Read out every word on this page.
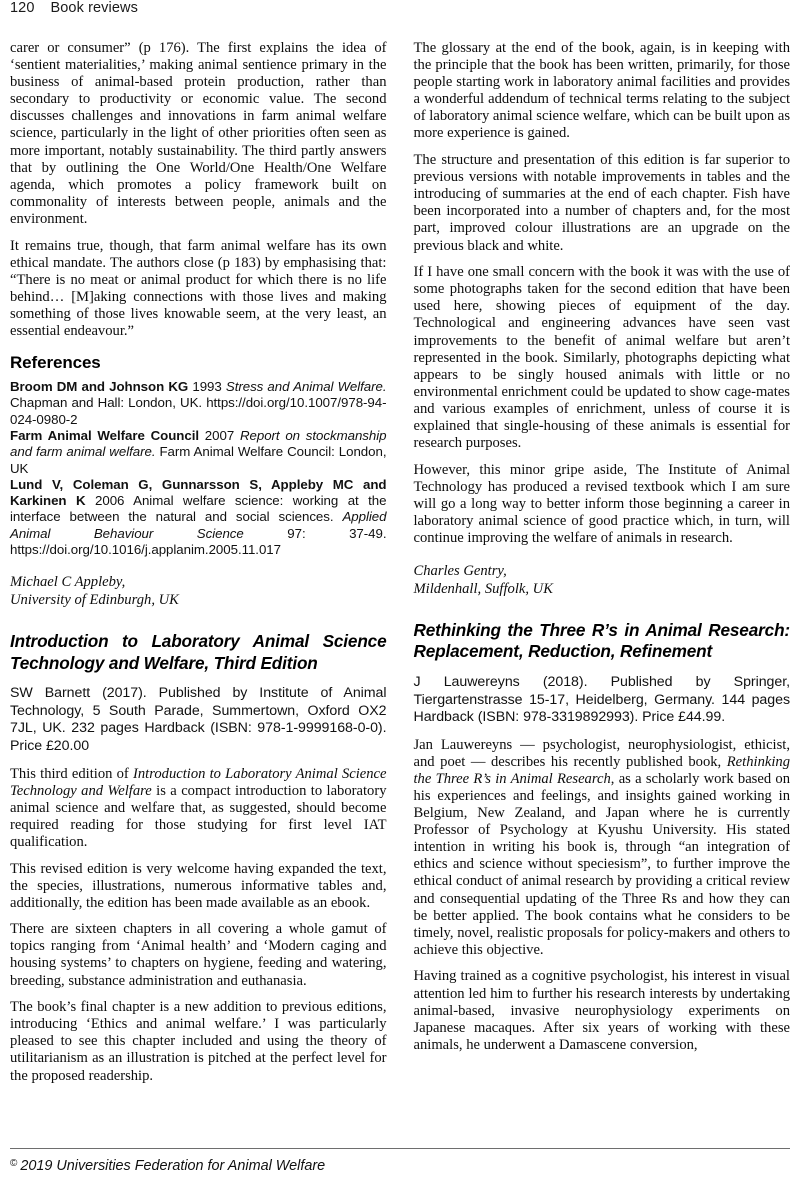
120 Book reviews

carer or consumer” (p 176). The first explains the idea of ‘sentient materialities,’ making animal sentience primary in the business of animal-based protein production, rather than secondary to productivity or economic value. The second discusses challenges and innovations in farm animal welfare science, particularly in the light of other priorities often seen as more important, notably sustainability. The third partly answers that by outlining the One World/One Health/One Welfare agenda, which promotes a policy framework built on commonality of interests between people, animals and the environment.

It remains true, though, that farm animal welfare has its own ethical mandate. The authors close (p 183) by emphasising that: “There is no meat or animal product for which there is no life behind… [M]aking connections with those lives and making something of those lives knowable seem, at the very least, an essential endeavour.”

References

Broom DM and Johnson KG 1993 Stress and Animal Welfare. Chapman and Hall: London, UK. https://doi.org/10.1007/978-94-024-0980-2

Farm Animal Welfare Council 2007 Report on stockmanship and farm animal welfare. Farm Animal Welfare Council: London, UK

Lund V, Coleman G, Gunnarsson S, Appleby MC and Karkinen K 2006 Animal welfare science: working at the interface between the natural and social sciences. Applied Animal Behaviour Science	97: 37-49. https://doi.org/10.1016/j.applanim.2005.11.017

Michael C Appleby,
University of Edinburgh, UK
Introduction to Laboratory Animal Science Technology and Welfare, Third Edition

SW Barnett (2017). Published by Institute of Animal Technology, 5 South Parade, Summertown, Oxford OX2 7JL, UK. 232 pages Hardback (ISBN: 978-1-9999168-0-0). Price £20.00

This third edition of Introduction to Laboratory Animal Science Technology and Welfare is a compact introduction to laboratory animal science and welfare that, as suggested, should become required reading for those studying for first level IAT qualification.

This revised edition is very welcome having expanded the text, the species, illustrations, numerous informative tables and, additionally, the edition has been made available as an ebook.

There are sixteen chapters in all covering a whole gamut of topics ranging from ‘Animal health’ and ‘Modern caging and housing systems’ to chapters on hygiene, feeding and watering, breeding, substance administration and euthanasia.

The book’s final chapter is a new addition to previous editions, introducing ‘Ethics and animal welfare.’ I was particularly pleased to see this chapter included and using the theory of utilitarianism as an illustration is pitched at the perfect level for the proposed readership.

The glossary at the end of the book, again, is in keeping with the principle that the book has been written, primarily, for those people starting work in laboratory animal facilities and provides a wonderful addendum of technical terms relating to the subject of laboratory animal science welfare, which can be built upon as more experience is gained.

The structure and presentation of this edition is far superior to previous versions with notable improvements in tables and the introducing of summaries at the end of each chapter. Fish have been incorporated into a number of chapters and, for the most part, improved colour illustrations are an upgrade on the previous black and white.

If I have one small concern with the book it was with the use of some photographs taken for the second edition that have been used here, showing pieces of equipment of the day. Technological and engineering advances have seen vast improvements to the benefit of animal welfare but aren’t represented in the book. Similarly, photographs depicting what appears to be singly housed animals with little or no environmental enrichment could be updated to show cage-mates and various examples of enrichment, unless of course it is explained that single-housing of these animals is essential for research purposes.

However, this minor gripe aside, The Institute of Animal Technology has produced a revised textbook which I am sure will go a long way to better inform those beginning a career in laboratory animal science of good practice which, in turn, will continue improving the welfare of animals in research.

Charles Gentry,
Mildenhall, Suffolk, UK
Rethinking the Three R’s in Animal Research: Replacement, Reduction, Refinement

J Lauwereyns (2018). Published by Springer, Tiergartenstrasse 15-17, Heidelberg, Germany. 144 pages Hardback (ISBN: 978-3319892993). Price £44.99.

Jan Lauwereyns — psychologist, neurophysiologist, ethicist, and poet — describes his recently published book, Rethinking the Three R’s in Animal Research, as a scholarly work based on his experiences and feelings, and insights gained working in Belgium, New Zealand, and Japan where he is currently Professor of Psychology at Kyushu University. His stated intention in writing his book is, through “an integration of ethics and science without speciesism”, to further improve the ethical conduct of animal research by providing a critical review and consequential updating of the Three Rs and how they can be better applied. The book contains what he considers to be timely, novel, realistic proposals for policy-makers and others to achieve this objective.

Having trained as a cognitive psychologist, his interest in visual attention led him to further his research interests by undertaking animal-based, invasive neurophysiology experiments on Japanese macaques. After six years of working with these animals, he underwent a Damascene conversion,

© 2019 Universities Federation for Animal Welfare
